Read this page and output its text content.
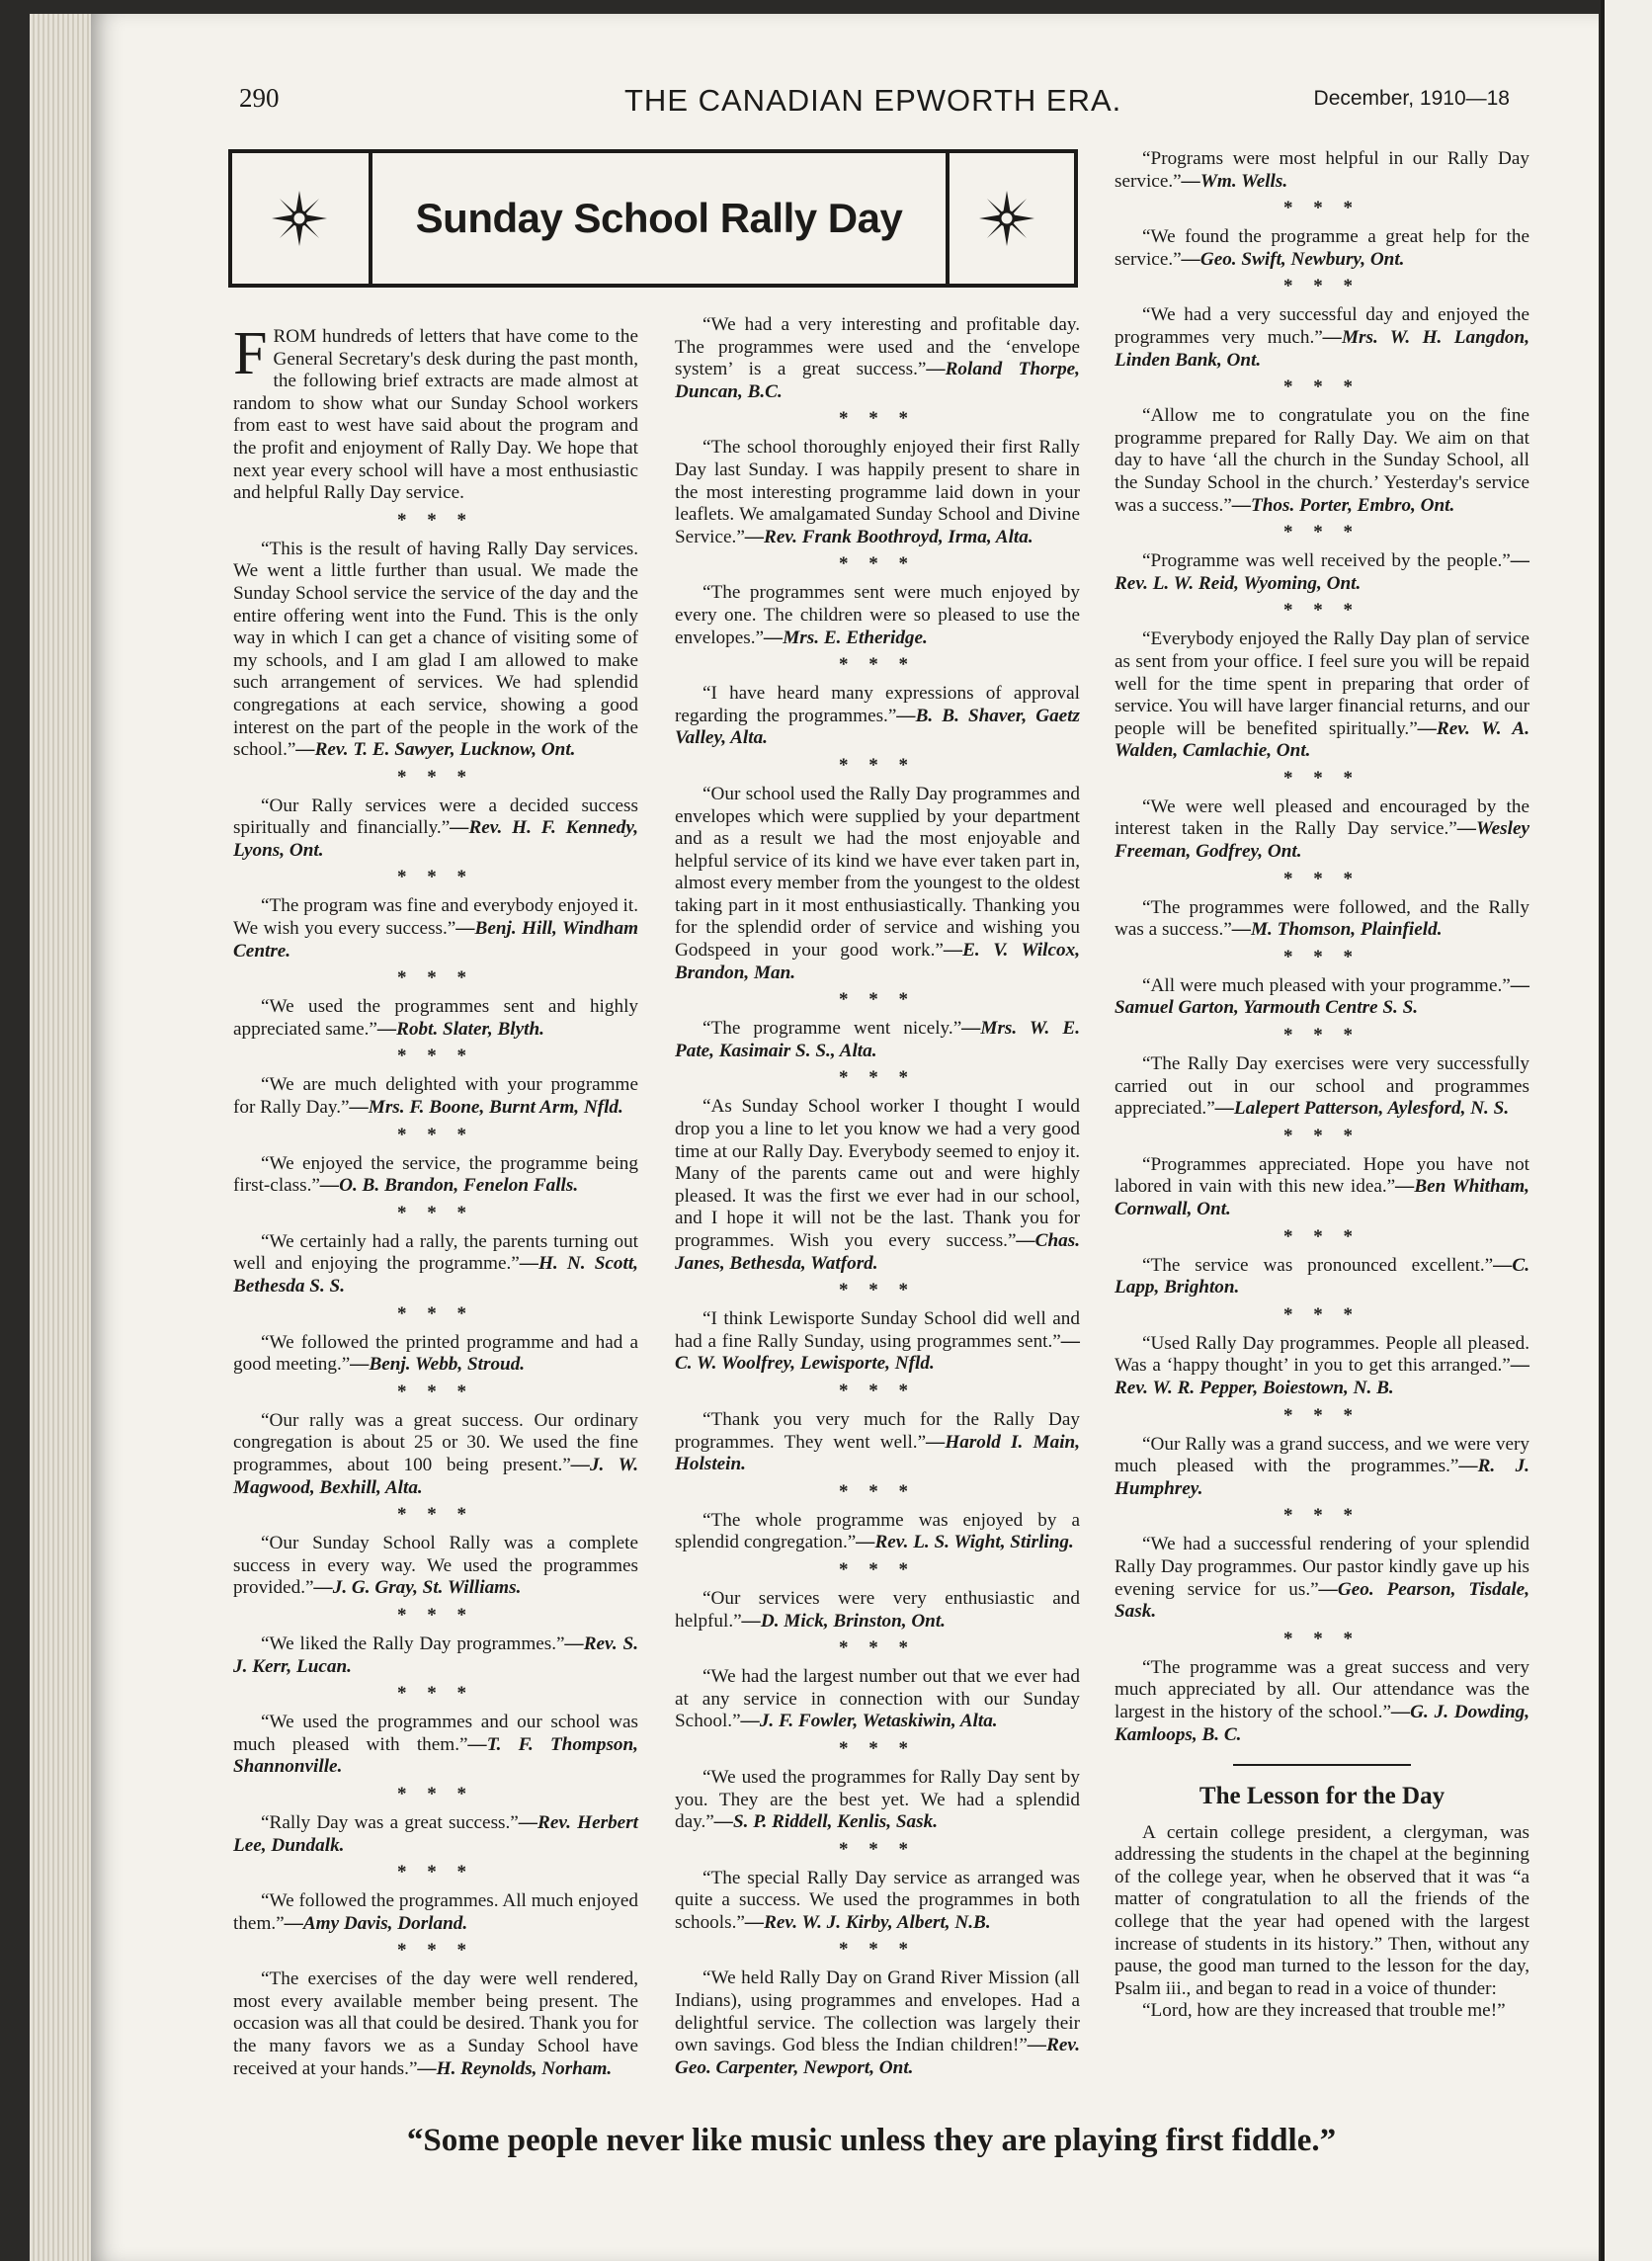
290	THE CANADIAN EPWORTH ERA.	December, 1910—18
Sunday School Rally Day

FROM hundreds of letters that have come to the General Secretary's desk during the past month, the following brief extracts are made almost at random to show what our Sunday School workers from east to west have said about the program and the profit and enjoyment of Rally Day. We hope that next year every school will have a most enthusiastic and helpful Rally Day service.

* * *

“This is the result of having Rally Day services. We went a little further than usual. We made the Sunday School service the service of the day and the entire offering went into the Fund. This is the only way in which I can get a chance of visiting some of my schools, and I am glad I am allowed to make such arrangement of services. We had splendid congregations at each service, showing a good interest on the part of the people in the work of the school.”—Rev. T. E. Sawyer, Lucknow, Ont.

* * *

“Our Rally services were a decided success spiritually and financially.”—Rev. H. F. Kennedy, Lyons, Ont.

* * *

“The program was fine and everybody enjoyed it. We wish you every success.”—Benj. Hill, Windham Centre.

* * *

“We used the programmes sent and highly appreciated same.”—Robt. Slater, Blyth.

* * *

“We are much delighted with your programme for Rally Day.”—Mrs. F. Boone, Burnt Arm, Nfld.

* * *

“We enjoyed the service, the programme being first-class.”—O. B. Brandon, Fenelon Falls.

* * *

“We certainly had a rally, the parents turning out well and enjoying the programme.”—H. N. Scott, Bethesda S. S.

* * *

“We followed the printed programme and had a good meeting.”—Benj. Webb, Stroud.

* * *

“Our rally was a great success. Our ordinary congregation is about 25 or 30. We used the fine programmes, about 100 being present.”—J. W. Magwood, Bexhill, Alta.

* * *

“Our Sunday School Rally was a complete success in every way. We used the programmes provided.”—J. G. Gray, St. Williams.

* * *

“We liked the Rally Day programmes.”—Rev. S. J. Kerr, Lucan.

* * *

“We used the programmes and our school was much pleased with them.”—T. F. Thompson, Shannonville.

* * *

“Rally Day was a great success.”—Rev. Herbert Lee, Dundalk.

* * *

“We followed the programmes. All much enjoyed them.”—Amy Davis, Dorland.

* * *

“The exercises of the day were well rendered, most every available member being present. The occasion was all that could be desired. Thank you for the many favors we as a Sunday School have received at your hands.”—H. Reynolds, Norham.

“We had a very interesting and profitable day. The programmes were used and the ‘envelope system’ is a great success.”—Roland Thorpe, Duncan, B.C.

* * *

“The school thoroughly enjoyed their first Rally Day last Sunday. I was happily present to share in the most interesting programme laid down in your leaflets. We amalgamated Sunday School and Divine Service.”—Rev. Frank Boothroyd, Irma, Alta.

* * *

“The programmes sent were much enjoyed by every one. The children were so pleased to use the envelopes.”—Mrs. E. Etheridge.

* * *

“I have heard many expressions of approval regarding the programmes.”—B. B. Shaver, Gaetz Valley, Alta.

* * *

“Our school used the Rally Day programmes and envelopes which were supplied by your department and as a result we had the most enjoyable and helpful service of its kind we have ever taken part in, almost every member from the youngest to the oldest taking part in it most enthusiastically. Thanking you for the splendid order of service and wishing you Godspeed in your good work.”—E. V. Wilcox, Brandon, Man.

* * *

“The programme went nicely.”—Mrs. W. E. Pate, Kasimair S. S., Alta.

* * *

“As Sunday School worker I thought I would drop you a line to let you know we had a very good time at our Rally Day. Everybody seemed to enjoy it. Many of the parents came out and were highly pleased. It was the first we ever had in our school, and I hope it will not be the last. Thank you for programmes. Wish you every success.”—Chas. Janes, Bethesda, Watford.

* * *

“I think Lewisporte Sunday School did well and had a fine Rally Sunday, using programmes sent.”—C. W. Woolfrey, Lewisporte, Nfld.

* * *

“Thank you very much for the Rally Day programmes. They went well.”—Harold I. Main, Holstein.

* * *

“The whole programme was enjoyed by a splendid congregation.”—Rev. L. S. Wight, Stirling.

* * *

“Our services were very enthusiastic and helpful.”—D. Mick, Brinston, Ont.

* * *

“We had the largest number out that we ever had at any service in connection with our Sunday School.”—J. F. Fowler, Wetaskiwin, Alta.

* * *

“We used the programmes for Rally Day sent by you. They are the best yet. We had a splendid day.”—S. P. Riddell, Kenlis, Sask.

* * *

“The special Rally Day service as arranged was quite a success. We used the programmes in both schools.”—Rev. W. J. Kirby, Albert, N.B.

* * *

“We held Rally Day on Grand River Mission (all Indians), using programmes and envelopes. Had a delightful service. The collection was largely their own savings. God bless the Indian children!”—Rev. Geo. Carpenter, Newport, Ont.

“Programs were most helpful in our Rally Day service.”—Wm. Wells.

* * *

“We found the programme a great help for the service.”—Geo. Swift, Newbury, Ont.

* * *

“We had a very successful day and enjoyed the programmes very much.”—Mrs. W. H. Langdon, Linden Bank, Ont.

* * *

“Allow me to congratulate you on the fine programme prepared for Rally Day. We aim on that day to have ‘all the church in the Sunday School, all the Sunday School in the church.’ Yesterday's service was a success.”—Thos. Porter, Embro, Ont.

* * *

“Programme was well received by the people.”—Rev. L. W. Reid, Wyoming, Ont.

* * *

“Everybody enjoyed the Rally Day plan of service as sent from your office. I feel sure you will be repaid well for the time spent in preparing that order of service. You will have larger financial returns, and our people will be benefited spiritually.”—Rev. W. A. Walden, Camlachie, Ont.

* * *

“We were well pleased and encouraged by the interest taken in the Rally Day service.”—Wesley Freeman, Godfrey, Ont.

* * *

“The programmes were followed, and the Rally was a success.”—M. Thomson, Plainfield.

* * *

“All were much pleased with your programme.”—Samuel Garton, Yarmouth Centre S. S.

* * *

“The Rally Day exercises were very successfully carried out in our school and programmes appreciated.”—Lalepert Patterson, Aylesford, N. S.

* * *

“Programmes appreciated. Hope you have not labored in vain with this new idea.”—Ben Whitham, Cornwall, Ont.

* * *

“The service was pronounced excellent.”—C. Lapp, Brighton.

* * *

“Used Rally Day programmes. People all pleased. Was a ‘happy thought’ in you to get this arranged.”—Rev. W. R. Pepper, Boiestown, N. B.

* * *

“Our Rally was a grand success, and we were very much pleased with the programmes.”—R. J. Humphrey.

* * *

“We had a successful rendering of your splendid Rally Day programmes. Our pastor kindly gave up his evening service for us.”—Geo. Pearson, Tisdale, Sask.

* * *

“The programme was a great success and very much appreciated by all. Our attendance was the largest in the history of the school.”—G. J. Dowding, Kamloops, B. C.

The Lesson for the Day

A certain college president, a clergyman, was addressing the students in the chapel at the beginning of the college year, when he observed that it was “a matter of congratulation to all the friends of the college that the year had opened with the largest increase of students in its history.” Then, without any pause, the good man turned to the lesson for the day, Psalm iii., and began to read in a voice of thunder:

“Lord, how are they increased that trouble me!”

“Some people never like music unless they are playing first fiddle.”
